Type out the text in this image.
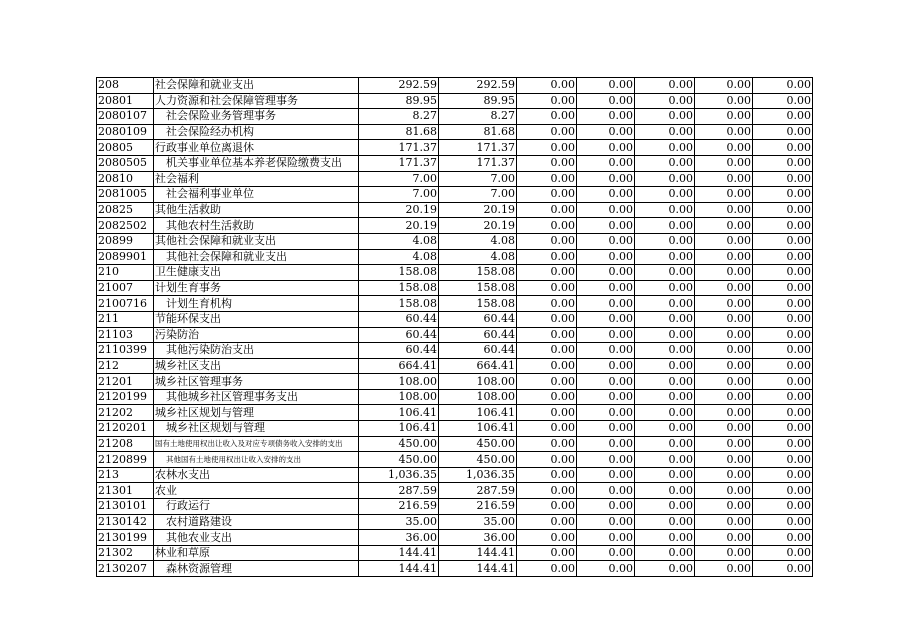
208	社会保障和就业支出	292.59	292.59	0.00	0.00	0.00	0.00	0.00
20801	人力资源和社会保障管理事务	89.95	89.95	0.00	0.00	0.00	0.00	0.00
2080107	社会保险业务管理事务	8.27	8.27	0.00	0.00	0.00	0.00	0.00
2080109	社会保险经办机构	81.68	81.68	0.00	0.00	0.00	0.00	0.00
20805	行政事业单位离退休	171.37	171.37	0.00	0.00	0.00	0.00	0.00
2080505	机关事业单位基本养老保险缴费支出	171.37	171.37	0.00	0.00	0.00	0.00	0.00
20810	社会福利	7.00	7.00	0.00	0.00	0.00	0.00	0.00
2081005	社会福利事业单位	7.00	7.00	0.00	0.00	0.00	0.00	0.00
20825	其他生活救助	20.19	20.19	0.00	0.00	0.00	0.00	0.00
2082502	其他农村生活救助	20.19	20.19	0.00	0.00	0.00	0.00	0.00
20899	其他社会保障和就业支出	4.08	4.08	0.00	0.00	0.00	0.00	0.00
2089901	其他社会保障和就业支出	4.08	4.08	0.00	0.00	0.00	0.00	0.00
210	卫生健康支出	158.08	158.08	0.00	0.00	0.00	0.00	0.00
21007	计划生育事务	158.08	158.08	0.00	0.00	0.00	0.00	0.00
2100716	计划生育机构	158.08	158.08	0.00	0.00	0.00	0.00	0.00
211	节能环保支出	60.44	60.44	0.00	0.00	0.00	0.00	0.00
21103	污染防治	60.44	60.44	0.00	0.00	0.00	0.00	0.00
2110399	其他污染防治支出	60.44	60.44	0.00	0.00	0.00	0.00	0.00
212	城乡社区支出	664.41	664.41	0.00	0.00	0.00	0.00	0.00
21201	城乡社区管理事务	108.00	108.00	0.00	0.00	0.00	0.00	0.00
2120199	其他城乡社区管理事务支出	108.00	108.00	0.00	0.00	0.00	0.00	0.00
21202	城乡社区规划与管理	106.41	106.41	0.00	0.00	0.00	0.00	0.00
2120201	城乡社区规划与管理	106.41	106.41	0.00	0.00	0.00	0.00	0.00
21208	国有土地使用权出让收入及对应专项债务收入安排的支出	450.00	450.00	0.00	0.00	0.00	0.00	0.00
2120899	其他国有土地使用权出让收入安排的支出	450.00	450.00	0.00	0.00	0.00	0.00	0.00
213	农林水支出	1,036.35	1,036.35	0.00	0.00	0.00	0.00	0.00
21301	农业	287.59	287.59	0.00	0.00	0.00	0.00	0.00
2130101	行政运行	216.59	216.59	0.00	0.00	0.00	0.00	0.00
2130142	农村道路建设	35.00	35.00	0.00	0.00	0.00	0.00	0.00
2130199	其他农业支出	36.00	36.00	0.00	0.00	0.00	0.00	0.00
21302	林业和草原	144.41	144.41	0.00	0.00	0.00	0.00	0.00
2130207	森林资源管理	144.41	144.41	0.00	0.00	0.00	0.00	0.00
